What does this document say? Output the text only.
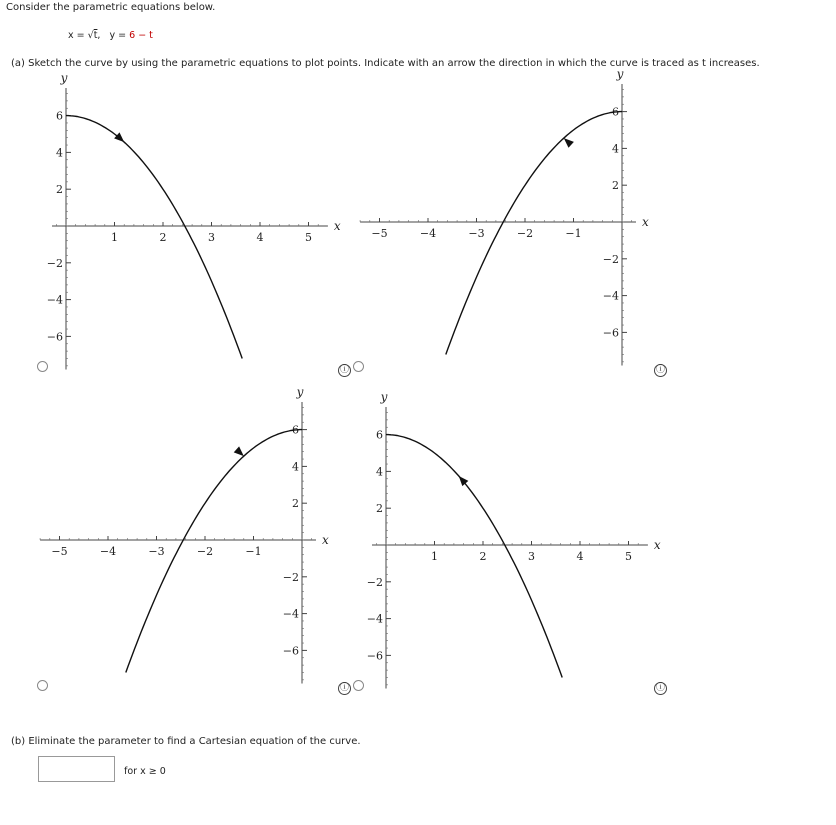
Consider the parametric equations below.
x = √t,   y = 6 − t
(a) Sketch the curve by using the parametric equations to plot points. Indicate with an arrow the direction in which the curve is traced as t increases.
1	2	3	4	5
−6
−4
−2
2
4
6
x
y
−5	−4	−3	−2	−1
−6
−4
−2
2
4
6
x
y
−5	−4	−3	−2	−1
−6
−4
−2
2
4
6
x
y
1	2	3	4	5
−6
−4
−2
2
4
6
x
y
ⓘ	ⓘ
ⓘ	ⓘ
(b) Eliminate the parameter to find a Cartesian equation of the curve.
for x ≥ 0
